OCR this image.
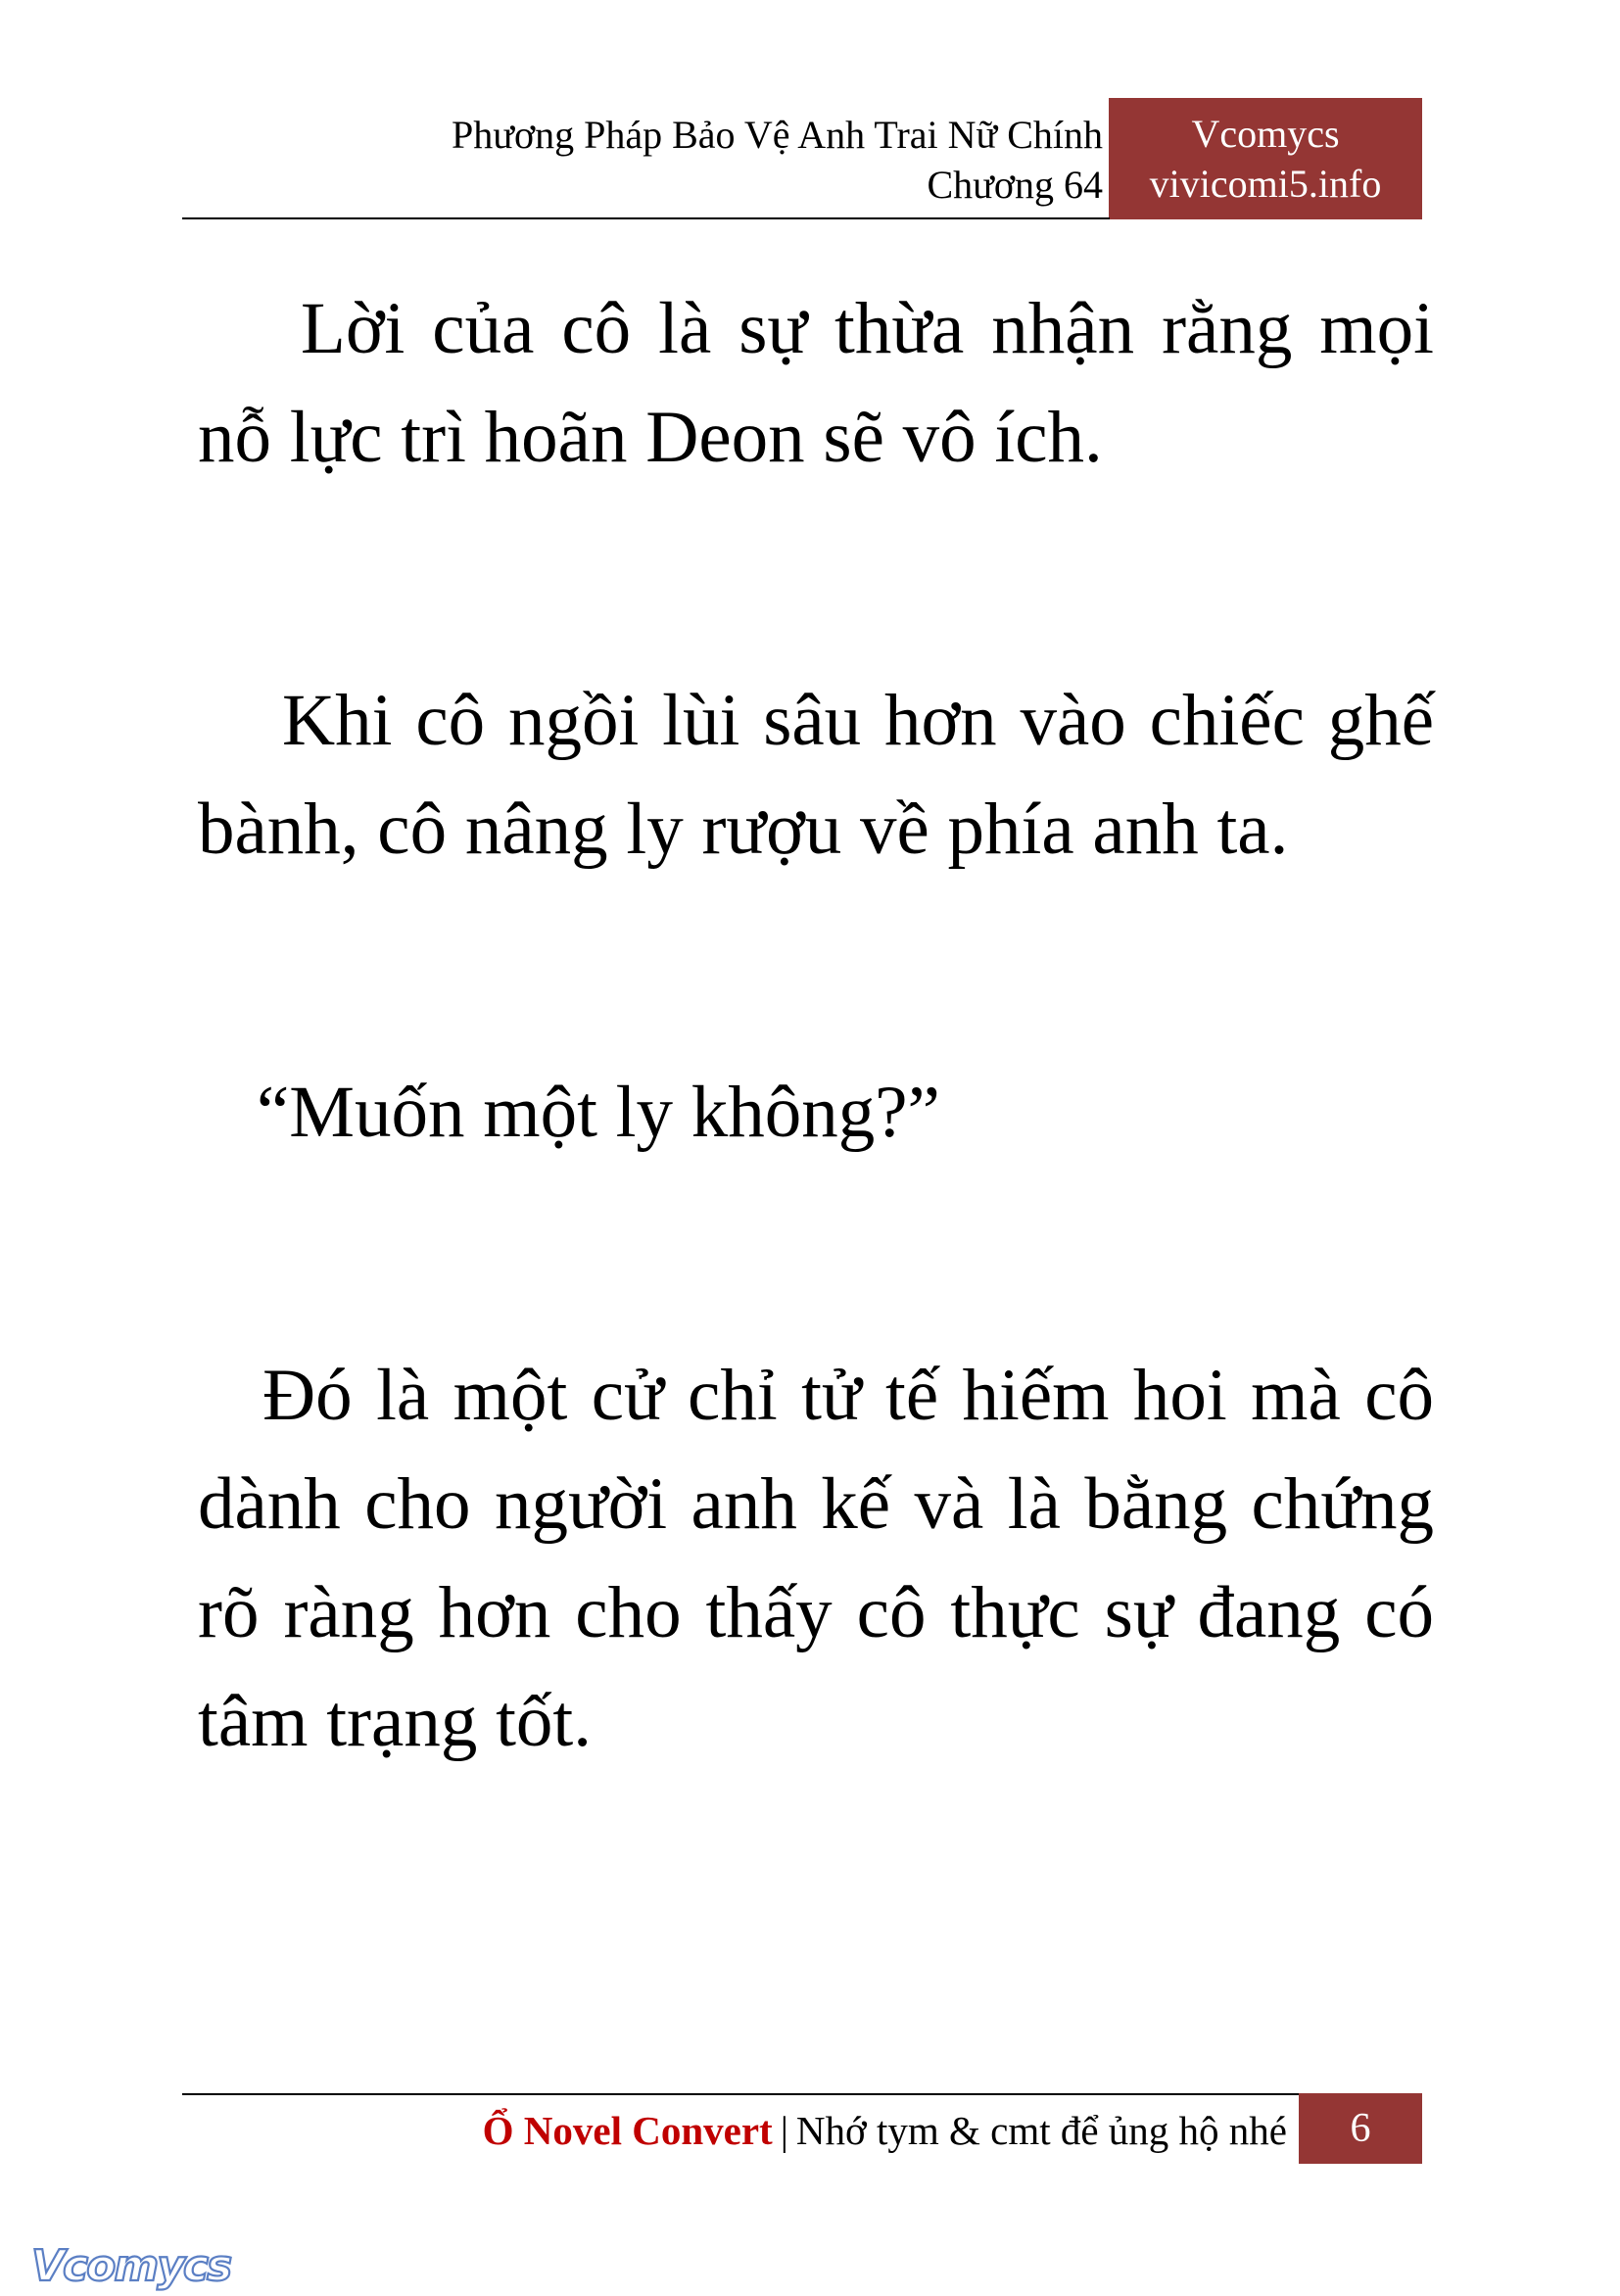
Phương Pháp Bảo Vệ Anh Trai Nữ Chính
Chương 64
Vcomycs
vivicomi5.info

Lời của cô là sự thừa nhận rằng mọi nỗ lực trì hoãn Deon sẽ vô ích.

Khi cô ngồi lùi sâu hơn vào chiếc ghế bành, cô nâng ly rượu về phía anh ta.

“Muốn một ly không?”

Đó là một cử chỉ tử tế hiếm hoi mà cô dành cho người anh kế và là bằng chứng rõ ràng hơn cho thấy cô thực sự đang có tâm trạng tốt.

Ổ Novel Convert | Nhớ tym & cmt để ủng hộ nhé	6
Vcomycs
